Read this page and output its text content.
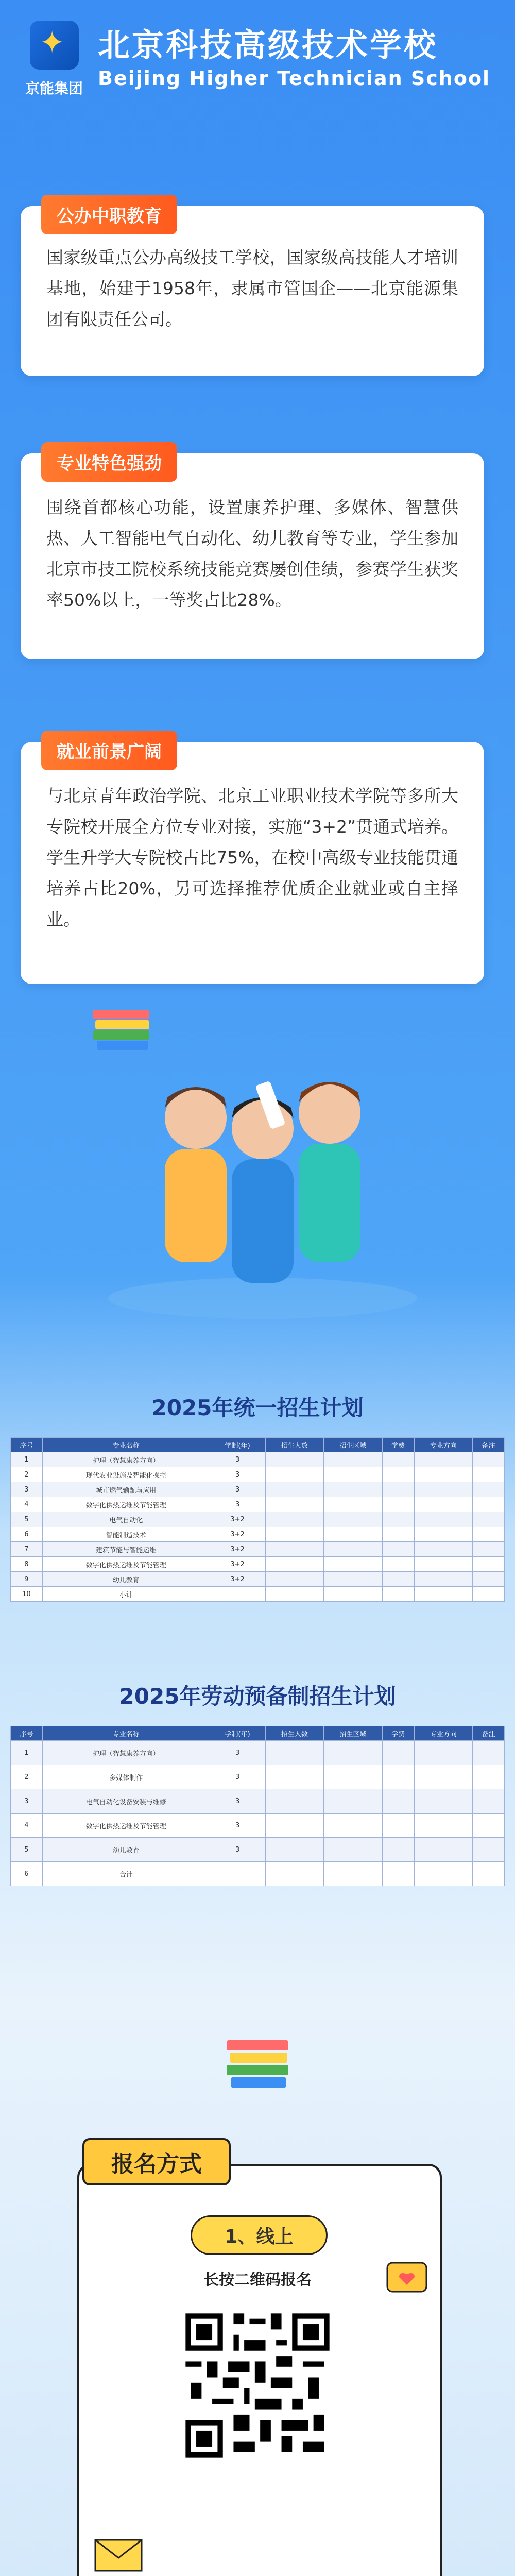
✦
京能集团
北京科技高级技术学校
Beijing Higher Technician School
公办中职教育
国家级重点公办高级技工学校，国家级高技能人才培训基地，始建于1958年，隶属市管国企——北京能源集团有限责任公司。
专业特色强劲
围绕首都核心功能，设置康养护理、多媒体、智慧供热、人工智能电气自动化、幼儿教育等专业，学生参加北京市技工院校系统技能竞赛屡创佳绩，参赛学生获奖率50%以上，一等奖占比28%。
就业前景广阔
与北京青年政治学院、北京工业职业技术学院等多所大专院校开展全方位专业对接，实施“3+2”贯通式培养。学生升学大专院校占比75%，在校中高级专业技能贯通培养占比20%，另可选择推荐优质企业就业或自主择业。
2025年统一招生计划
序号	专业名称	学制(年)	招生人数	招生区域	学费	专业方向	备注
1	护理（智慧康养方向）	3					
2	现代农业设施及智能化操控	3					
3	城市燃气输配与应用	3					
4	数字化供热运维及节能管理	3					
5	电气自动化	3+2					
6	智能制造技术	3+2					
7	建筑节能与智能运维	3+2					
8	数字化供热运维及节能管理	3+2					
9	幼儿教育	3+2					
10	小计						
2025年劳动预备制招生计划
序号	专业名称	学制(年)	招生人数	招生区域	学费	专业方向	备注
1	护理（智慧康养方向）	3					
2	多媒体制作	3					
3	电气自动化设备安装与维修	3					
4	数字化供热运维及节能管理	3					
5	幼儿教育	3					
6	合计						
报名方式
1、线上
长按二维码报名
